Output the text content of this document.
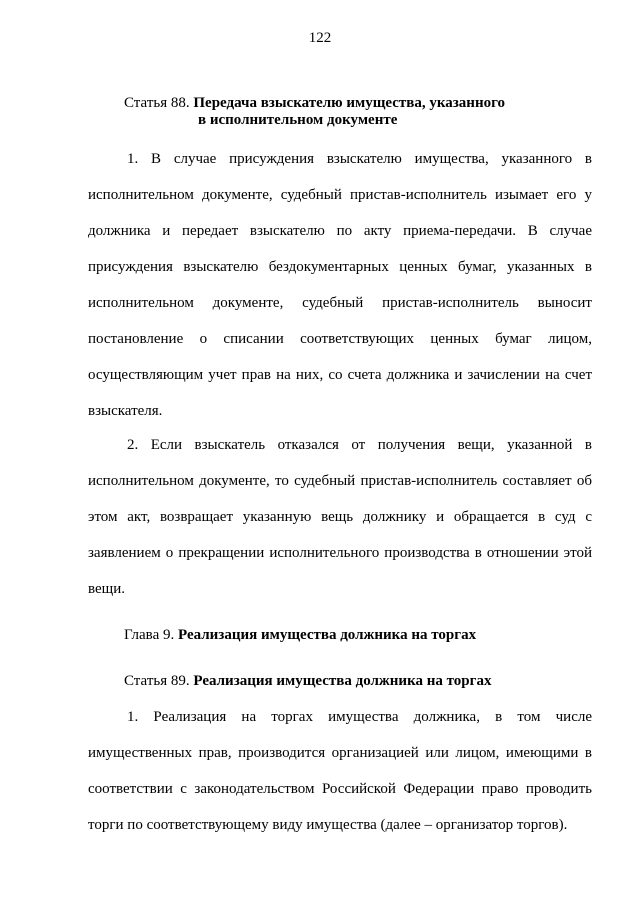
122
Статья 88. Передача взыскателю имущества, указанного
в исполнительном документе
1. В случае присуждения взыскателю имущества, указанного в
исполнительном документе, судебный пристав-исполнитель изымает его у
должника и передает взыскателю по акту приема-передачи. В случае
присуждения взыскателю бездокументарных ценных бумаг, указанных в
исполнительном документе, судебный пристав-исполнитель выносит
постановление о списании соответствующих ценных бумаг лицом,
осуществляющим учет прав на них, со счета должника и зачислении на счет
взыскателя.
2. Если взыскатель отказался от получения вещи, указанной в
исполнительном документе, то судебный пристав-исполнитель составляет об
этом акт, возвращает указанную вещь должнику и обращается в суд с
заявлением о прекращении исполнительного производства в отношении этой
вещи.
Глава 9. Реализация имущества должника на торгах
Статья 89. Реализация имущества должника на торгах
1. Реализация на торгах имущества должника, в том числе
имущественных прав, производится организацией или лицом, имеющими в
соответствии с законодательством Российской Федерации право проводить
торги по соответствующему виду имущества (далее – организатор торгов).
